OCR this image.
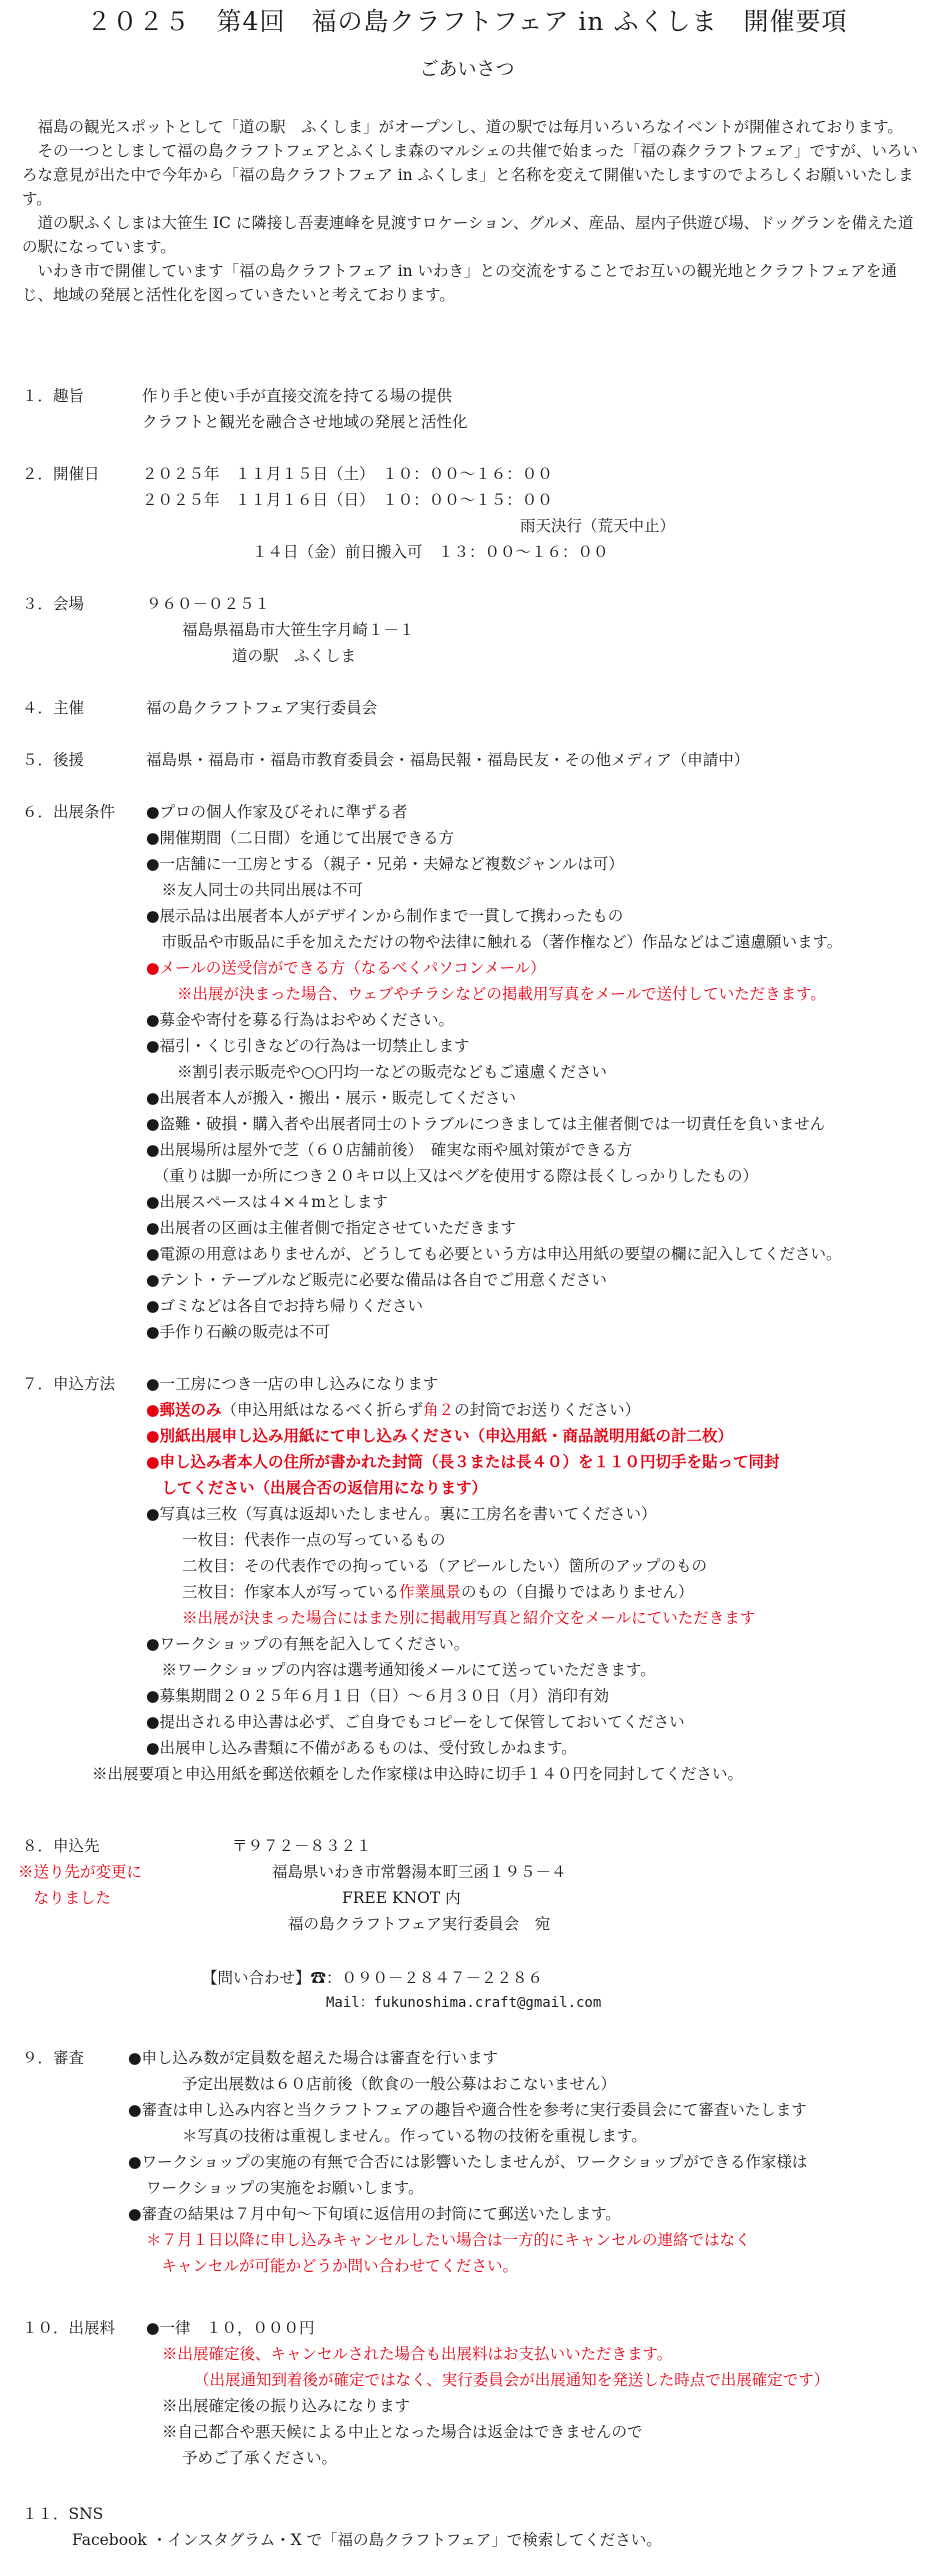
２０２５　第4回　福の島クラフトフェア in ふくしま　開催要項
ごあいさつ

　福島の観光スポットとして「道の駅　ふくしま」がオープンし、道の駅では毎月いろいろなイベントが開催されております。

　その一つとしまして福の島クラフトフェアとふくしま森のマルシェの共催で始まった「福の森クラフトフェア」ですが、いろいろな意見が出た中で今年から「福の島クラフトフェア in ふくしま」と名称を変えて開催いたしますのでよろしくお願いいたします。

　道の駅ふくしまは大笹生 IC に隣接し吾妻連峰を見渡すロケーション、グルメ、産品、屋内子供遊び場、ドッグランを備えた道の駅になっています。

　いわき市で開催しています「福の島クラフトフェア in いわき」との交流をすることでお互いの観光地とクラフトフェアを通じ、地域の発展と活性化を図っていきたいと考えております。

１．趣旨	作り手と使い手が直接交流を持てる場の提供
クラフトと観光を融合させ地域の発展と活性化
２．開催日	２０２５年　１１月１５日（土）　１０：００～１６：００
２０２５年　１１月１６日（日）　１０：００～１５：００
雨天決行（荒天中止）
１４日（金）前日搬入可　１３：００～１６：００
３．会場	９６０－０２５１
福島県福島市大笹生字月崎１－１
道の駅　ふくしま
４．主催	福の島クラフトフェア実行委員会
５．後援	福島県・福島市・福島市教育委員会・福島民報・福島民友・その他メディア（申請中）
６．出展条件 ●プロの個人作家及びそれに準ずる者
●開催期間（二日間）を通じて出展できる方
●一店舗に一工房とする（親子・兄弟・夫婦など複数ジャンルは可）
　※友人同士の共同出展は不可
●展示品は出展者本人がデザインから制作まで一貫して携わったもの
　市販品や市販品に手を加えただけの物や法律に触れる（著作権など）作品などはご遠慮願います。
●メールの送受信ができる方（なるべくパソコンメール）
　　※出展が決まった場合、ウェブやチラシなどの掲載用写真をメールで送付していただきます。
●募金や寄付を募る行為はおやめください。
●福引・くじ引きなどの行為は一切禁止します
　　※割引表示販売や○○円均一などの販売などもご遠慮ください
●出展者本人が搬入・搬出・展示・販売してください
●盗難・破損・購入者や出展者同士のトラブルにつきましては主催者側では一切責任を負いません
●出展場所は屋外で芝（６０店舗前後）　確実な雨や風対策ができる方
　（重りは脚一か所につき２０キロ以上又はペグを使用する際は長くしっかりしたもの）
●出展スペースは４×４mとします
●出展者の区画は主催者側で指定させていただきます
●電源の用意はありませんが、どうしても必要という方は申込用紙の要望の欄に記入してください。
●テント・テーブルなど販売に必要な備品は各自でご用意ください
●ゴミなどは各自でお持ち帰りください
●手作り石鹸の販売は不可
７．申込方法 ●一工房につき一店の申し込みになります
●郵送のみ（申込用紙はなるべく折らず角２の封筒でお送りください）
●別紙出展申し込み用紙にて申し込みください（申込用紙・商品説明用紙の計二枚）
●申し込み者本人の住所が書かれた封筒（長３または長４０）を１１０円切手を貼って同封
　してください（出展合否の返信用になります）
●写真は三枚（写真は返却いたしません。裏に工房名を書いてください）
一枚目：代表作一点の写っているもの
二枚目：その代表作での拘っている（アピールしたい）箇所のアップのもの
三枚目：作家本人が写っている作業風景のもの（自撮りではありません）
※出展が決まった場合にはまた別に掲載用写真と紹介文をメールにていただきます
●ワークショップの有無を記入してください。
　※ワークショップの内容は選考通知後メールにて送っていただきます。
●募集期間２０２５年６月１日（日）～６月３０日（月）消印有効
●提出される申込書は必ず、ご自身でもコピーをして保管しておいてください
●出展申し込み書類に不備があるものは、受付致しかねます。
※出展要項と申込用紙を郵送依頼をした作家様は申込時に切手１４０円を同封してください。
８．申込先
※送り先が変更に
　なりました
〒９７２－８３２１
福島県いわき市常磐湯本町三函１９５－４
FREE KNOT 内
福の島クラフトフェア実行委員会　宛
【問い合わせ】☎：０９０－２８４７－２２８６
Mail：fukunoshima.craft@gmail.com
９．審査	●申し込み数が定員数を超えた場合は審査を行います
予定出展数は６０店前後（飲食の一般公募はおこないません）
●審査は申し込み内容と当クラフトフェアの趣旨や適合性を参考に実行委員会にて審査いたします
＊写真の技術は重視しません。作っている物の技術を重視します。
●ワークショップの実施の有無で合否には影響いたしませんが、ワークショップができる作家様は
ワークショップの実施をお願いします。
●審査の結果は７月中旬～下旬頃に返信用の封筒にて郵送いたします。
＊７月１日以降に申し込みキャンセルしたい場合は一方的にキャンセルの連絡ではなく
　キャンセルが可能かどうか問い合わせてください。
１０．出展料 ●一律　１０，０００円
※出展確定後、キャンセルされた場合も出展料はお支払いいただきます。
（出展通知到着後が確定ではなく、実行委員会が出展通知を発送した時点で出展確定です）
※出展確定後の振り込みになります
※自己都合や悪天候による中止となった場合は返金はできませんので
予めご了承ください。
１１．SNS
Facebook ・インスタグラム・X で「福の島クラフトフェア」で検索してください。
